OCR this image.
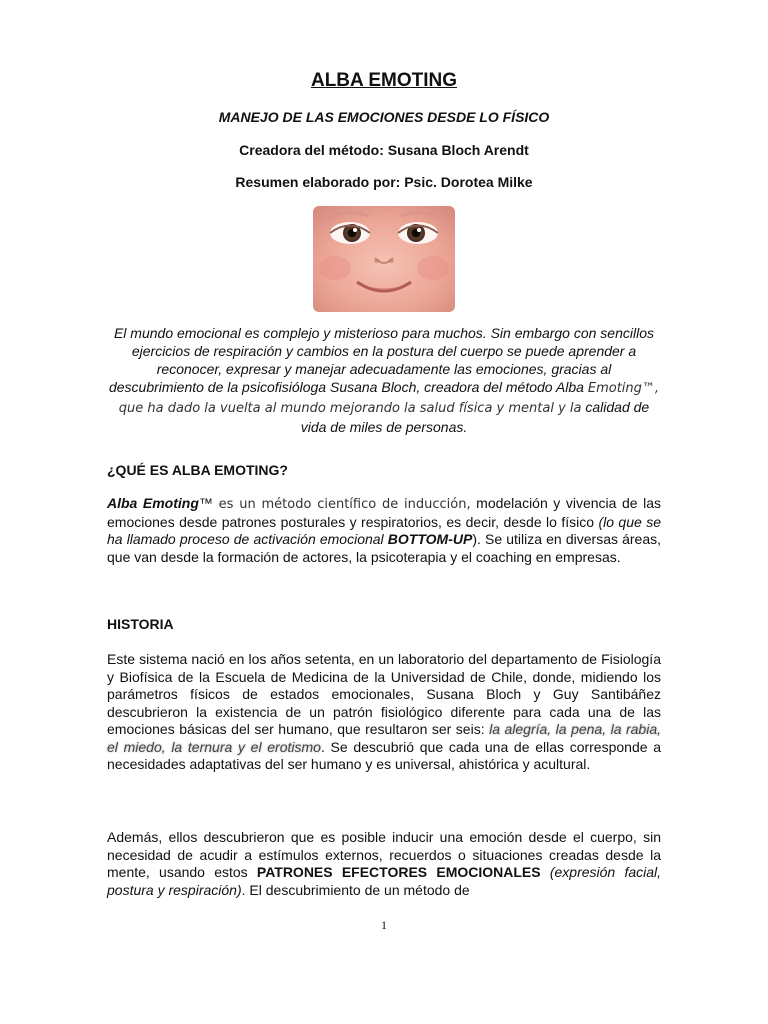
ALBA EMOTING
MANEJO DE LAS EMOCIONES DESDE LO FÍSICO
Creadora del método: Susana Bloch Arendt
Resumen elaborado por: Psic. Dorotea Milke
El mundo emocional es complejo y misterioso para muchos. Sin embargo con sencillos ejercicios de respiración y cambios en la postura del cuerpo se puede aprender a reconocer, expresar y manejar adecuadamente las emociones, gracias al descubrimiento de la psicofisióloga Susana Bloch, creadora del método Alba Emoting™, que ha dado la vuelta al mundo mejorando la salud física y mental y la calidad de vida de miles de personas.
¿QUÉ ES ALBA EMOTING?
Alba Emoting™ es un método científico de inducción, modelación y vivencia de las emociones desde patrones posturales y respiratorios, es decir, desde lo físico (lo que se ha llamado proceso de activación emocional BOTTOM-UP). Se utiliza en diversas áreas, que van desde la formación de actores, la psicoterapia y el coaching en empresas.
HISTORIA
Este sistema nació en los años setenta, en un laboratorio del departamento de Fisiología y Biofísica de la Escuela de Medicina de la Universidad de Chile, donde, midiendo los parámetros físicos de estados emocionales, Susana Bloch y Guy Santibáñez descubrieron la existencia de un patrón fisiológico diferente para cada una de las emociones básicas del ser humano, que resultaron ser seis: la alegría, la pena, la rabia, el miedo, la ternura y el erotismo. Se descubrió que cada una de ellas corresponde a necesidades adaptativas del ser humano y es universal, ahistórica y acultural.
Además, ellos descubrieron que es posible inducir una emoción desde el cuerpo, sin necesidad de acudir a estímulos externos, recuerdos o situaciones creadas desde la mente, usando estos PATRONES EFECTORES EMOCIONALES (expresión facial, postura y respiración). El descubrimiento de un método de
1
